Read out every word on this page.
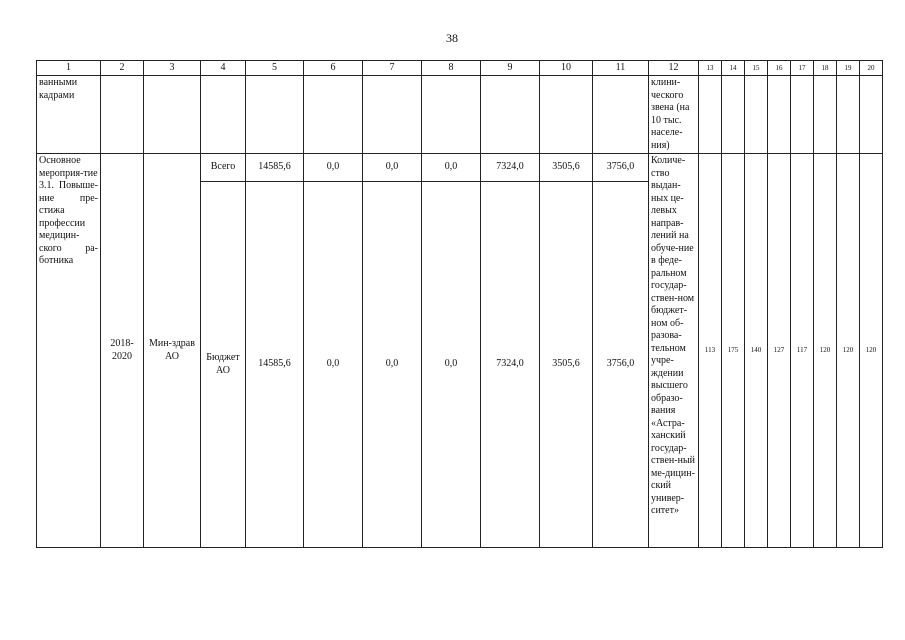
38
1	2	3	4	5	6	7	8	9	10	11	12	13	14	15	16	17	18	19	20
ванными кадрами											клини-ческого звена (на 10 тыс. населе-ния)								
Основное мероприя-тие 3.1. Повыше-ние пре-стижа профессии медицин-ского ра-ботника	2018-2020	Мин-здрав АО	Всего	14585,6	0,0	0,0	0,0	7324,0	3505,6	3756,0	Количе-ство выдан-ных це-левых направ-лений на обуче-ние в феде-ральном государ-ствен-ном бюджет-ном об-разова-тельном учре-ждении высшего образо-вания «Астра-ханский государ-ствен-ный ме-дицин-ский универ-ситет»	113	175	140	127	117	120	120	120
			Бюджет АО	14585,6	0,0	0,0	0,0	7324,0	3505,6	3756,0									
